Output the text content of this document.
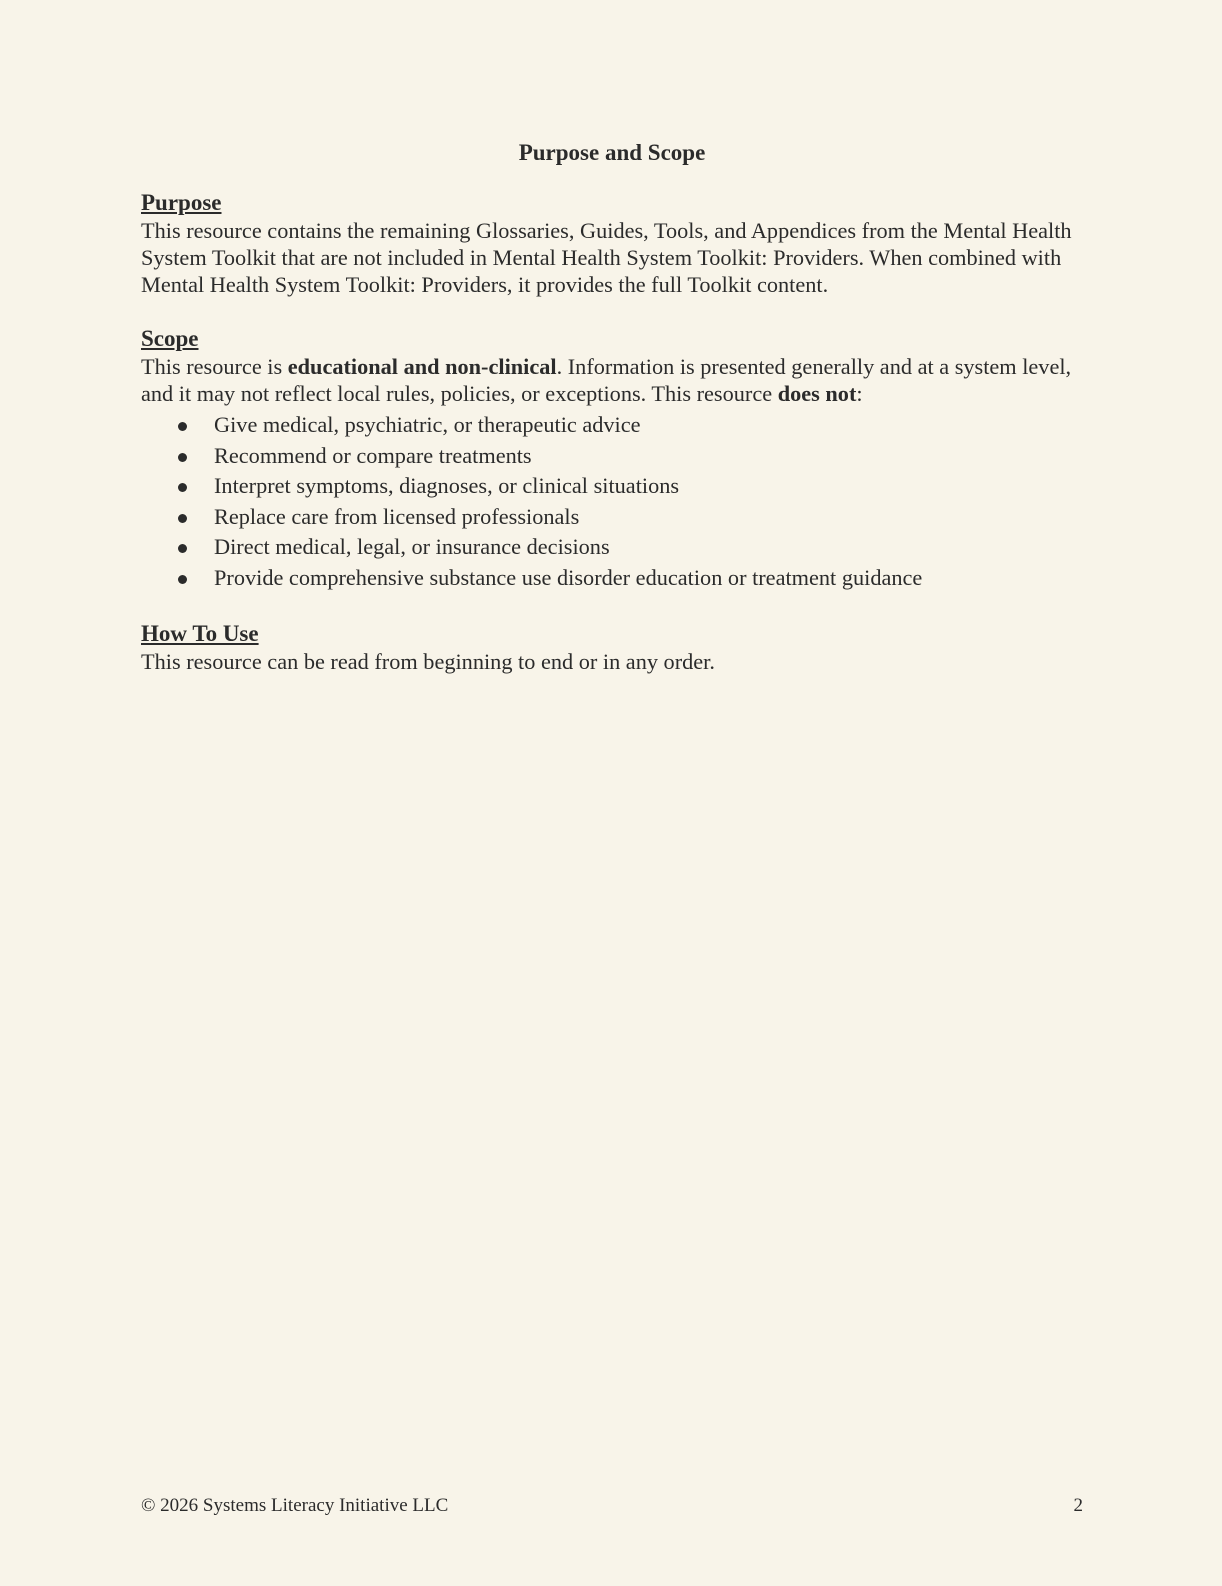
Purpose and Scope
Purpose

This resource contains the remaining Glossaries, Guides, Tools, and Appendices from the Mental Health System Toolkit that are not included in Mental Health System Toolkit: Providers. When combined with Mental Health System Toolkit: Providers, it provides the full Toolkit content.

Scope

This resource is educational and non-clinical. Information is presented generally and at a system level, and it may not reflect local rules, policies, or exceptions. This resource does not:

Give medical, psychiatric, or therapeutic advice
Recommend or compare treatments
Interpret symptoms, diagnoses, or clinical situations
Replace care from licensed professionals
Direct medical, legal, or insurance decisions
Provide comprehensive substance use disorder education or treatment guidance
How To Use

This resource can be read from beginning to end or in any order.

© 2026 Systems Literacy Initiative LLC	2
